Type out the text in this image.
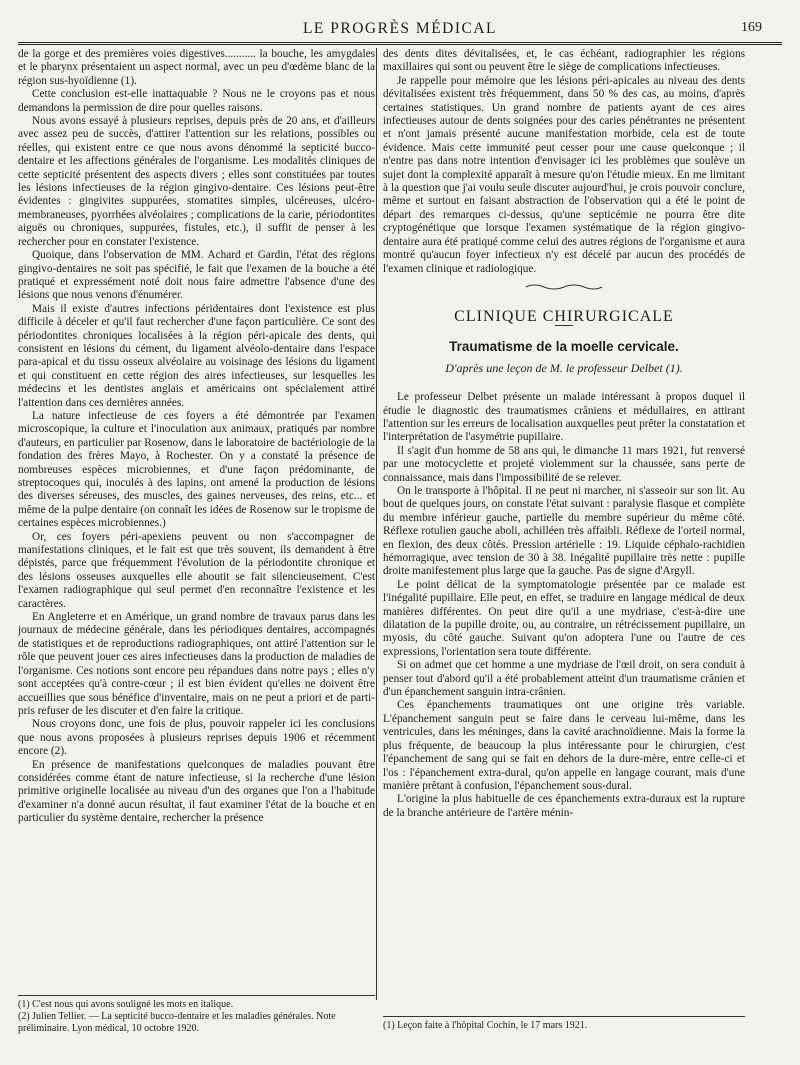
LE PROGRÈS MÉDICAL	169

de la gorge et des premières voies digestives........... la bouche, les amygdales et le pharynx présentaient un aspect normal, avec un peu d'œdème blanc de la région sus-hyoïdienne (1).

Cette conclusion est-elle inattaquable ? Nous ne le croyons pas et nous demandons la permission de dire pour quelles raisons.

Nous avons essayé à plusieurs reprises, depuis près de 20 ans, et d'ailleurs avec assez peu de succès, d'attirer l'attention sur les relations, possibles ou réelles, qui existent entre ce que nous avons dénommé la septicité bucco-dentaire et les affections générales de l'organisme. Les modalités cliniques de cette septicité présentent des aspects divers ; elles sont constituées par toutes les lésions infectieuses de la région gingivo-dentaire. Ces lésions peut-être évidentes : gingivites suppurées, stomatites simples, ulcéreuses, ulcéro-membraneuses, pyorrhées alvéolaires ; complications de la carie, périodontites aiguës ou chroniques, suppurées, fistules, etc.), il suffit de penser à les rechercher pour en constater l'existence.

Quoique, dans l'observation de MM. Achard et Gardin, l'état des régions gingivo-dentaires ne soit pas spécifié, le fait que l'examen de la bouche a été pratiqué et expressément noté doit nous faire admettre l'absence d'une des lésions que nous venons d'énumérer.

Mais il existe d'autres infections péridentaires dont l'existence est plus difficile à déceler et qu'il faut rechercher d'une façon particulière. Ce sont des périodontites chroniques localisées à la région péri-apicale des dents, qui consistent en lésions du cément, du ligament alvéolo-dentaire dans l'espace para-apical et du tissu osseux alvéolaire au voisinage des lésions du ligament et qui constituent en cette région des aires infectieuses, sur lesquelles les médecins et les dentistes anglais et américains ont spécialement attiré l'attention dans ces dernières années.

La nature infectieuse de ces foyers a été démontrée par l'examen microscopique, la culture et l'inoculation aux animaux, pratiqués par nombre d'auteurs, en particulier par Rosenow, dans le laboratoire de bactériologie de la fondation des frères Mayo, à Rochester. On y a constaté la présence de nombreuses espèces microbiennes, et d'une façon prédominante, de streptocoques qui, inoculés à des lapins, ont amené la production de lésions des diverses séreuses, des muscles, des gaines nerveuses, des reins, etc... et même de la pulpe dentaire (on connaît les idées de Rosenow sur le tropisme de certaines espèces microbiennes.)

Or, ces foyers péri-apexiens peuvent ou non s'accompagner de manifestations cliniques, et le fait est que très souvent, ils demandent à être dépistés, parce que fréquemment l'évolution de la périodontite chronique et des lésions osseuses auxquelles elle aboutit se fait silencieusement. C'est l'examen radiographique qui seul permet d'en reconnaître l'existence et les caractères.

En Angleterre et en Amérique, un grand nombre de travaux parus dans les journaux de médecine générale, dans les périodiques dentaires, accompagnés de statistiques et de reproductions radiographiques, ont attiré l'attention sur le rôle que peuvent jouer ces aires infectieuses dans la production de maladies de l'organisme. Ces notions sont encore peu répandues dans notre pays ; elles n'y sont acceptées qu'à contre-cœur ; il est bien évident qu'elles ne doivent être accueillies que sous bénéfice d'inventaire, mais on ne peut a priori et de parti-pris refuser de les discuter et d'en faire la critique.

Nous croyons donc, une fois de plus, pouvoir rappeler ici les conclusions que nous avons proposées à plusieurs reprises depuis 1906 et récemment encore (2).

En présence de manifestations quelconques de maladies pouvant être considérées comme étant de nature infectieuse, si la recherche d'une lésion primitive originelle localisée au niveau d'un des organes que l'on a l'habitude d'examiner n'a donné aucun résultat, il faut examiner l'état de la bouche et en particulier du système dentaire, rechercher la présence

des dents dites dévitalisées, et, le cas échéant, radiographier les régions maxillaires qui sont ou peuvent être le siège de complications infectieuses.

Je rappelle pour mémoire que les lésions péri-apicales au niveau des dents dévitalisées existent très fréquemment, dans 50 % des cas, au moins, d'après certaines statistiques. Un grand nombre de patients ayant de ces aires infectieuses autour de dents soignées pour des caries pénétrantes ne présentent et n'ont jamais présenté aucune manifestation morbide, cela est de toute évidence. Mais cette immunité peut cesser pour une cause quelconque ; il n'entre pas dans notre intention d'envisager ici les problèmes que soulève un sujet dont la complexité apparaît à mesure qu'on l'étudie mieux. En me limitant à la question que j'ai voulu seule discuter aujourd'hui, je crois pouvoir conclure, même et surtout en faisant abstraction de l'observation qui a été le point de départ des remarques ci-dessus, qu'une septicémie ne pourra être dite cryptogénétique que lorsque l'examen systématique de la région gingivo-dentaire aura été pratiqué comme celui des autres régions de l'organisme et aura montré qu'aucun foyer infectieux n'y est décelé par aucun des procédés de l'examen clinique et radiologique.

CLINIQUE CHIRURGICALE
Traumatisme de la moelle cervicale.
D'après une leçon de M. le professeur Delbet (1).

Le professeur Delbet présente un malade intéressant à propos duquel il étudie le diagnostic des traumatismes crâniens et médullaires, en attirant l'attention sur les erreurs de localisation auxquelles peut prêter la constatation et l'interprétation de l'asymétrie pupillaire.

Il s'agit d'un homme de 58 ans qui, le dimanche 11 mars 1921, fut renversé par une motocyclette et projeté violemment sur la chaussée, sans perte de connaissance, mais dans l'impossibilité de se relever.

On le transporte à l'hôpital. Il ne peut ni marcher, ni s'asseoir sur son lit. Au bout de quelques jours, on constate l'état suivant : paralysie flasque et complète du membre inférieur gauche, partielle du membre supérieur du même côté. Réflexe rotulien gauche aboli, achilléen très affaibli. Réflexe de l'orteil normal, en flexion, des deux côtés. Pression artérielle : 19. Liquide céphalo-rachidien hémorragique, avec tension de 30 à 38. Inégalité pupillaire très nette : pupille droite manifestement plus large que la gauche. Pas de signe d'Argyll.

Le point délicat de la symptomatologie présentée par ce malade est l'inégalité pupillaire. Elle peut, en effet, se traduire en langage médical de deux manières différentes. On peut dire qu'il a une mydriase, c'est-à-dire une dilatation de la pupille droite, ou, au contraire, un rétrécissement pupillaire, un myosis, du côté gauche. Suivant qu'on adoptera l'une ou l'autre de ces expressions, l'orientation sera toute différente.

Si on admet que cet homme a une mydriase de l'œil droit, on sera conduit à penser tout d'abord qu'il a été probablement atteint d'un traumatisme crânien et d'un épanchement sanguin intra-crânien.

Ces épanchements traumatiques ont une origine très variable. L'épanchement sanguin peut se faire dans le cerveau lui-même, dans les ventricules, dans les méninges, dans la cavité arachnoïdienne. Mais la forme la plus fréquente, de beaucoup la plus intéressante pour le chirurgien, c'est l'épanchement de sang qui se fait en dehors de la dure-mère, entre celle-ci et l'os : l'épanchement extra-dural, qu'on appelle en langage courant, mais d'une manière prêtant à confusion, l'épanchement sous-dural.

L'origine la plus habituelle de ces épanchements extra-duraux est la rupture de la branche antérieure de l'artère ménin-

(1) C'est nous qui avons souligné les mots en italique.

(2) Julien Tellier. — La septicité bucco-dentaire et les maladies générales. Note préliminaire. Lyon médical, 10 octobre 1920.	(1) Leçon faite à l'hôpital Cochin, le 17 mars 1921.
